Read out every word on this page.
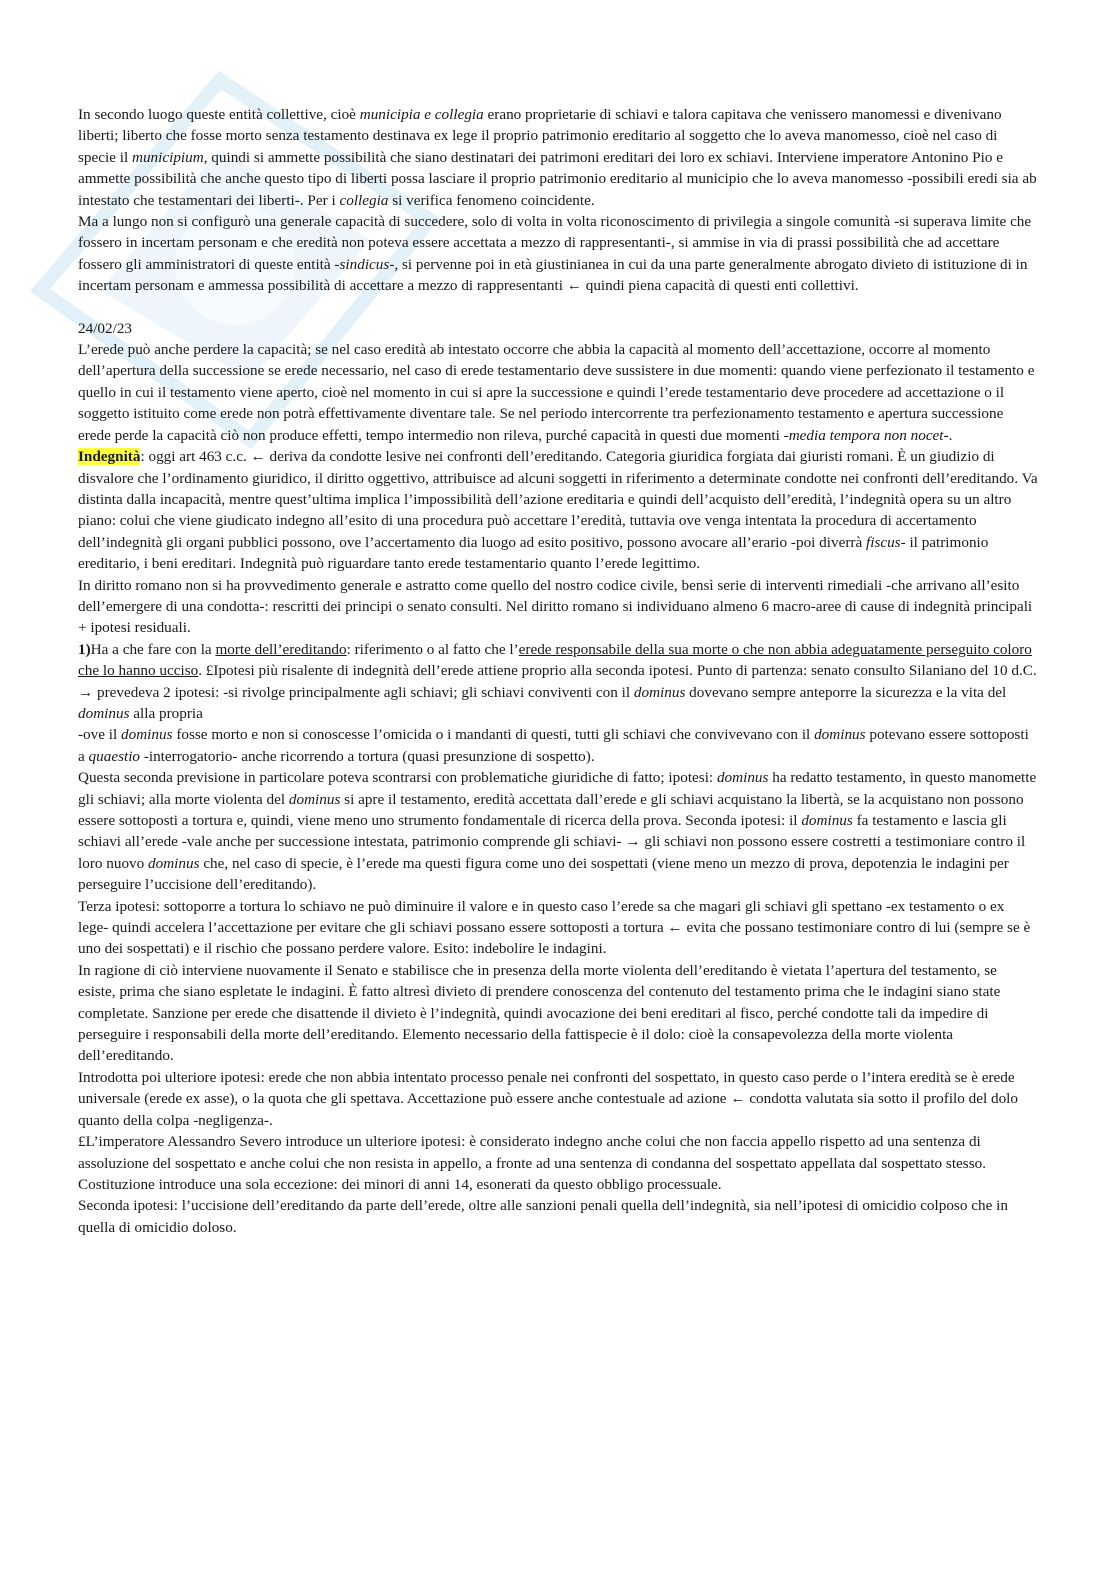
In secondo luogo queste entità collettive, cioè municipia e collegia erano proprietarie di schiavi e talora capitava che venissero manomessi e divenivano liberti; liberto che fosse morto senza testamento destinava ex lege il proprio patrimonio ereditario al soggetto che lo aveva manomesso, cioè nel caso di specie il municipium, quindi si ammette possibilità che siano destinatari dei patrimoni ereditari dei loro ex schiavi. Interviene imperatore Antonino Pio e ammette possibilità che anche questo tipo di liberti possa lasciare il proprio patrimonio ereditario al municipio che lo aveva manomesso -possibili eredi sia ab intestato che testamentari dei liberti-. Per i collegia si verifica fenomeno coincidente.

Ma a lungo non si configurò una generale capacità di succedere, solo di volta in volta riconoscimento di privilegia a singole comunità -si superava limite che fossero in incertam personam e che eredità non poteva essere accettata a mezzo di rappresentanti-, si ammise in via di prassi possibilità che ad accettare fossero gli amministratori di queste entità -sindicus-, si pervenne poi in età giustinianea in cui da una parte generalmente abrogato divieto di istituzione di in incertam personam e ammessa possibilità di accettare a mezzo di rappresentanti ← quindi piena capacità di questi enti collettivi.

24/02/23

L’erede può anche perdere la capacità; se nel caso eredità ab intestato occorre che abbia la capacità al momento dell’accettazione, occorre al momento dell’apertura della successione se erede necessario, nel caso di erede testamentario deve sussistere in due momenti: quando viene perfezionato il testamento e quello in cui il testamento viene aperto, cioè nel momento in cui si apre la successione e quindi l’erede testamentario deve procedere ad accettazione o il soggetto istituito come erede non potrà effettivamente diventare tale. Se nel periodo intercorrente tra perfezionamento testamento e apertura successione erede perde la capacità ciò non produce effetti, tempo intermedio non rileva, purché capacità in questi due momenti -media tempora non nocet-.

Indegnità: oggi art 463 c.c. ← deriva da condotte lesive nei confronti dell’ereditando. Categoria giuridica forgiata dai giuristi romani. È un giudizio di disvalore che l’ordinamento giuridico, il diritto oggettivo, attribuisce ad alcuni soggetti in riferimento a determinate condotte nei confronti dell’ereditando. Va distinta dalla incapacità, mentre quest’ultima implica l’impossibilità dell’azione ereditaria e quindi dell’acquisto dell’eredità, l’indegnità opera su un altro piano: colui che viene giudicato indegno all’esito di una procedura può accettare l’eredità, tuttavia ove venga intentata la procedura di accertamento dell’indegnità gli organi pubblici possono, ove l’accertamento dia luogo ad esito positivo, possono avocare all’erario -poi diverrà fiscus- il patrimonio ereditario, i beni ereditari. Indegnità può riguardare tanto erede testamentario quanto l’erede legittimo.

In diritto romano non si ha provvedimento generale e astratto come quello del nostro codice civile, bensì serie di interventi rimediali -che arrivano all’esito dell’emergere di una condotta-: rescritti dei principi o senato consulti. Nel diritto romano si individuano almeno 6 macro-aree di cause di indegnità principali + ipotesi residuali.

1)Ha a che fare con la morte dell’ereditando: riferimento o al fatto che l’erede responsabile della sua morte o che non abbia adeguatamente perseguito coloro che lo hanno ucciso. £Ipotesi più risalente di indegnità dell’erede attiene proprio alla seconda ipotesi. Punto di partenza: senato consulto Silaniano del 10 d.C. → prevedeva 2 ipotesi: -si rivolge principalmente agli schiavi; gli schiavi conviventi con il dominus dovevano sempre anteporre la sicurezza e la vita del dominus alla propria

-ove il dominus fosse morto e non si conoscesse l’omicida o i mandanti di questi, tutti gli schiavi che convivevano con il dominus potevano essere sottoposti a quaestio -interrogatorio- anche ricorrendo a tortura (quasi presunzione di sospetto).

Questa seconda previsione in particolare poteva scontrarsi con problematiche giuridiche di fatto; ipotesi: dominus ha redatto testamento, in questo manomette gli schiavi; alla morte violenta del dominus si apre il testamento, eredità accettata dall’erede e gli schiavi acquistano la libertà, se la acquistano non possono essere sottoposti a tortura e, quindi, viene meno uno strumento fondamentale di ricerca della prova. Seconda ipotesi: il dominus fa testamento e lascia gli schiavi all’erede -vale anche per successione intestata, patrimonio comprende gli schiavi- → gli schiavi non possono essere costretti a testimoniare contro il loro nuovo dominus che, nel caso di specie, è l’erede ma questi figura come uno dei sospettati (viene meno un mezzo di prova, depotenzia le indagini per perseguire l’uccisione dell’ereditando).

Terza ipotesi: sottoporre a tortura lo schiavo ne può diminuire il valore e in questo caso l’erede sa che magari gli schiavi gli spettano -ex testamento o ex lege- quindi accelera l’accettazione per evitare che gli schiavi possano essere sottoposti a tortura ← evita che possano testimoniare contro di lui (sempre se è uno dei sospettati) e il rischio che possano perdere valore. Esito: indebolire le indagini.

In ragione di ciò interviene nuovamente il Senato e stabilisce che in presenza della morte violenta dell’ereditando è vietata l’apertura del testamento, se esiste, prima che siano espletate le indagini. È fatto altresì divieto di prendere conoscenza del contenuto del testamento prima che le indagini siano state completate. Sanzione per erede che disattende il divieto è l’indegnità, quindi avocazione dei beni ereditari al fisco, perché condotte tali da impedire di perseguire i responsabili della morte dell’ereditando. Elemento necessario della fattispecie è il dolo: cioè la consapevolezza della morte violenta dell’ereditando.

Introdotta poi ulteriore ipotesi: erede che non abbia intentato processo penale nei confronti del sospettato, in questo caso perde o l’intera eredità se è erede universale (erede ex asse), o la quota che gli spettava. Accettazione può essere anche contestuale ad azione ← condotta valutata sia sotto il profilo del dolo quanto della colpa -negligenza-.

£L’imperatore Alessandro Severo introduce un ulteriore ipotesi: è considerato indegno anche colui che non faccia appello rispetto ad una sentenza di assoluzione del sospettato e anche colui che non resista in appello, a fronte ad una sentenza di condanna del sospettato appellata dal sospettato stesso. Costituzione introduce una sola eccezione: dei minori di anni 14, esonerati da questo obbligo processuale.

Seconda ipotesi: l’uccisione dell’ereditando da parte dell’erede, oltre alle sanzioni penali quella dell’indegnità, sia nell’ipotesi di omicidio colposo che in quella di omicidio doloso.
